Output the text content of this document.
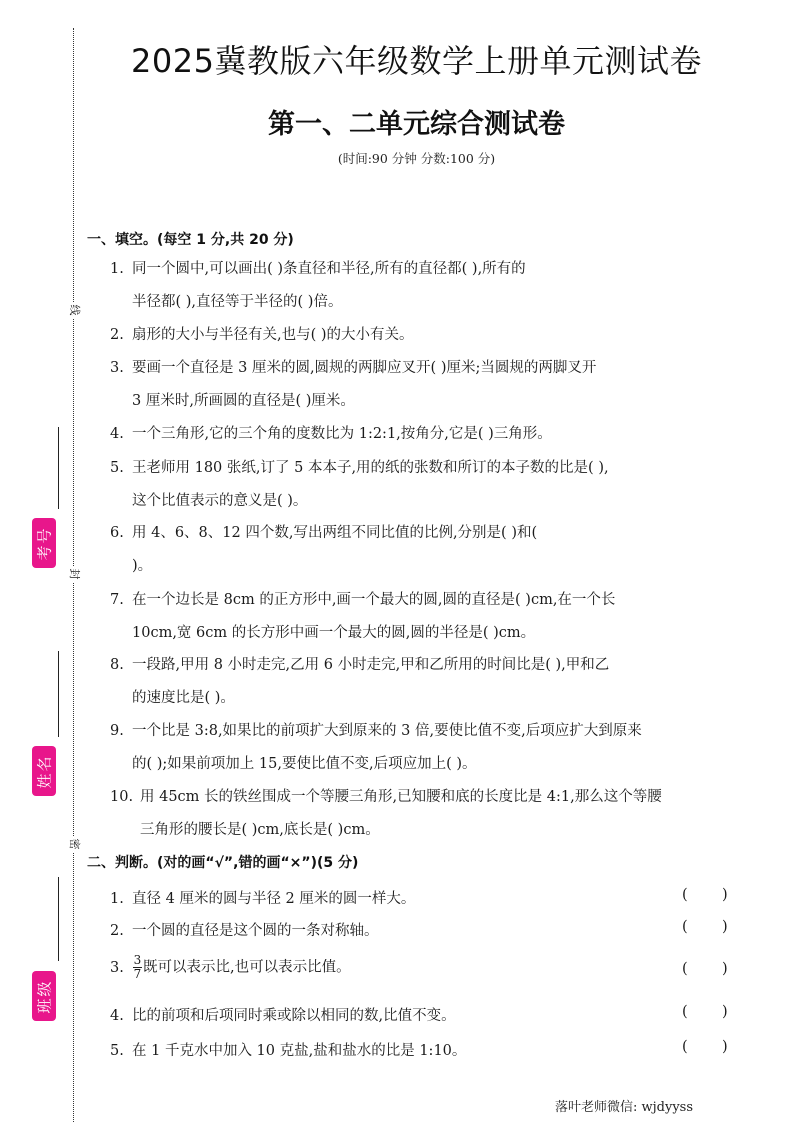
线
封
密
考号
姓名
班级
2025冀教版六年级数学上册单元测试卷
第一、二单元综合测试卷
(时间:90 分钟 分数:100 分)
一、填空。(每空 1 分,共 20 分)
1. 同一个圆中,可以画出( )条直径和半径,所有的直径都( ),所有的
半径都( ),直径等于半径的( )倍。
2. 扇形的大小与半径有关,也与( )的大小有关。
3. 要画一个直径是 3 厘米的圆,圆规的两脚应叉开( )厘米;当圆规的两脚叉开
3 厘米时,所画圆的直径是( )厘米。
4. 一个三角形,它的三个角的度数比为 1:2:1,按角分,它是( )三角形。
5. 王老师用 180 张纸,订了 5 本本子,用的纸的张数和所订的本子数的比是( ),
这个比值表示的意义是( )。
6. 用 4、6、8、12 四个数,写出两组不同比值的比例,分别是( )和(
)。
7. 在一个边长是 8cm 的正方形中,画一个最大的圆,圆的直径是( )cm,在一个长
10cm,宽 6cm 的长方形中画一个最大的圆,圆的半径是( )cm。
8. 一段路,甲用 8 小时走完,乙用 6 小时走完,甲和乙所用的时间比是( ),甲和乙
的速度比是( )。
9. 一个比是 3:8,如果比的前项扩大到原来的 3 倍,要使比值不变,后项应扩大到原来
的( );如果前项加上 15,要使比值不变,后项应加上( )。
10. 用 45cm 长的铁丝围成一个等腰三角形,已知腰和底的长度比是 4:1,那么这个等腰
三角形的腰长是( )cm,底长是( )cm。
二、判断。(对的画“√”,错的画“×”)(5 分)
1. 直径 4 厘米的圆与半径 2 厘米的圆一样大。	( )
2. 一个圆的直径是这个圆的一条对称轴。	( )
3. $\frac{3}{7}$ 既可以表示比,也可以表示比值。	( )
4. 比的前项和后项同时乘或除以相同的数,比值不变。	( )
5. 在 1 千克水中加入 10 克盐,盐和盐水的比是 1:10。	( )
落叶老师微信: wjdyyss
